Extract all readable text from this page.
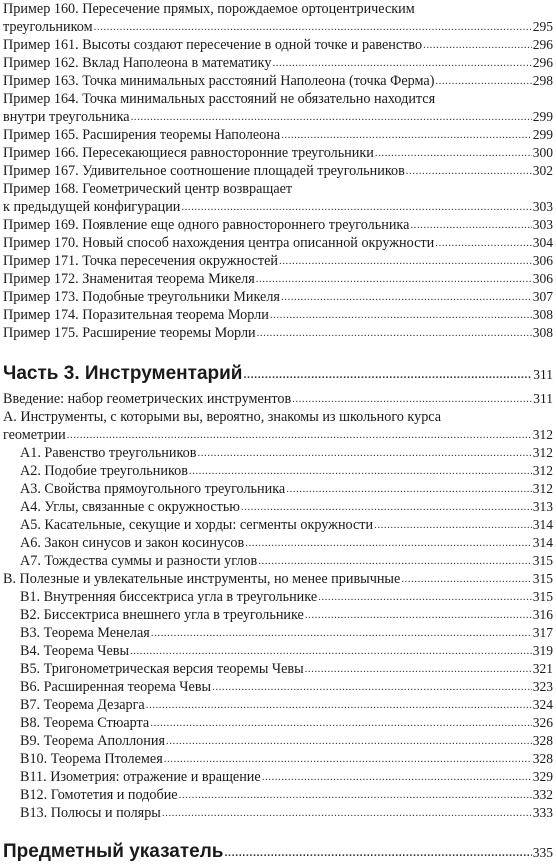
Пример 160. Пересечение прямых, порождаемое ортоцентрическим
треугольником .....	295
Пример 161. Высоты создают пересечение в одной точке и равенство .....	296
Пример 162. Вклад Наполеона в математику .....	296
Пример 163. Точка минимальных расстояний Наполеона (точка Ферма) .....	298
Пример 164. Точка минимальных расстояний не обязательно находится
внутри треугольника .....	299
Пример 165. Расширения теоремы Наполеона .....	299
Пример 166. Пересекающиеся равносторонние треугольники .....	300
Пример 167. Удивительное соотношение площадей треугольников .....	302
Пример 168. Геометрический центр возвращает
к предыдущей конфигурации .....	303
Пример 169. Появление еще одного равностороннего треугольника .....	303
Пример 170. Новый способ нахождения центра описанной окружности .....	304
Пример 171. Точка пересечения окружностей .....	306
Пример 172. Знаменитая теорема Микеля .....	306
Пример 173. Подобные треугольники Микеля .....	307
Пример 174. Поразительная теорема Морли .....	308
Пример 175. Расширение теоремы Морли .....	308
Часть 3. Инструментарий .....	311
Введение: набор геометрических инструментов .....	311
А. Инструменты, с которыми вы, вероятно, знакомы из школьного курса
геометрии .....	312
А1. Равенство треугольников .....	312
А2. Подобие треугольников .....	312
А3. Свойства прямоугольного треугольника .....	312
А4. Углы, связанные с окружностью .....	313
А5. Касательные, секущие и хорды: сегменты окружности .....	314
А6. Закон синусов и закон косинусов .....	314
А7. Тождества суммы и разности углов .....	315
В. Полезные и увлекательные инструменты, но менее привычные .....	315
В1. Внутренняя биссектриса угла в треугольнике .....	315
В2. Биссектриса внешнего угла в треугольнике .....	316
В3. Теорема Менелая .....	317
В4. Теорема Чевы .....	319
В5. Тригонометрическая версия теоремы Чевы .....	321
В6. Расширенная теорема Чевы .....	323
В7. Теорема Дезарга .....	324
В8. Теорема Стюарта .....	326
В9. Теорема Аполлония .....	328
В10. Теорема Птолемея .....	328
В11. Изометрия: отражение и вращение .....	329
В12. Гомотетия и подобие .....	332
В13. Полюсы и поляры .....	333
Предметный указатель .....	335
